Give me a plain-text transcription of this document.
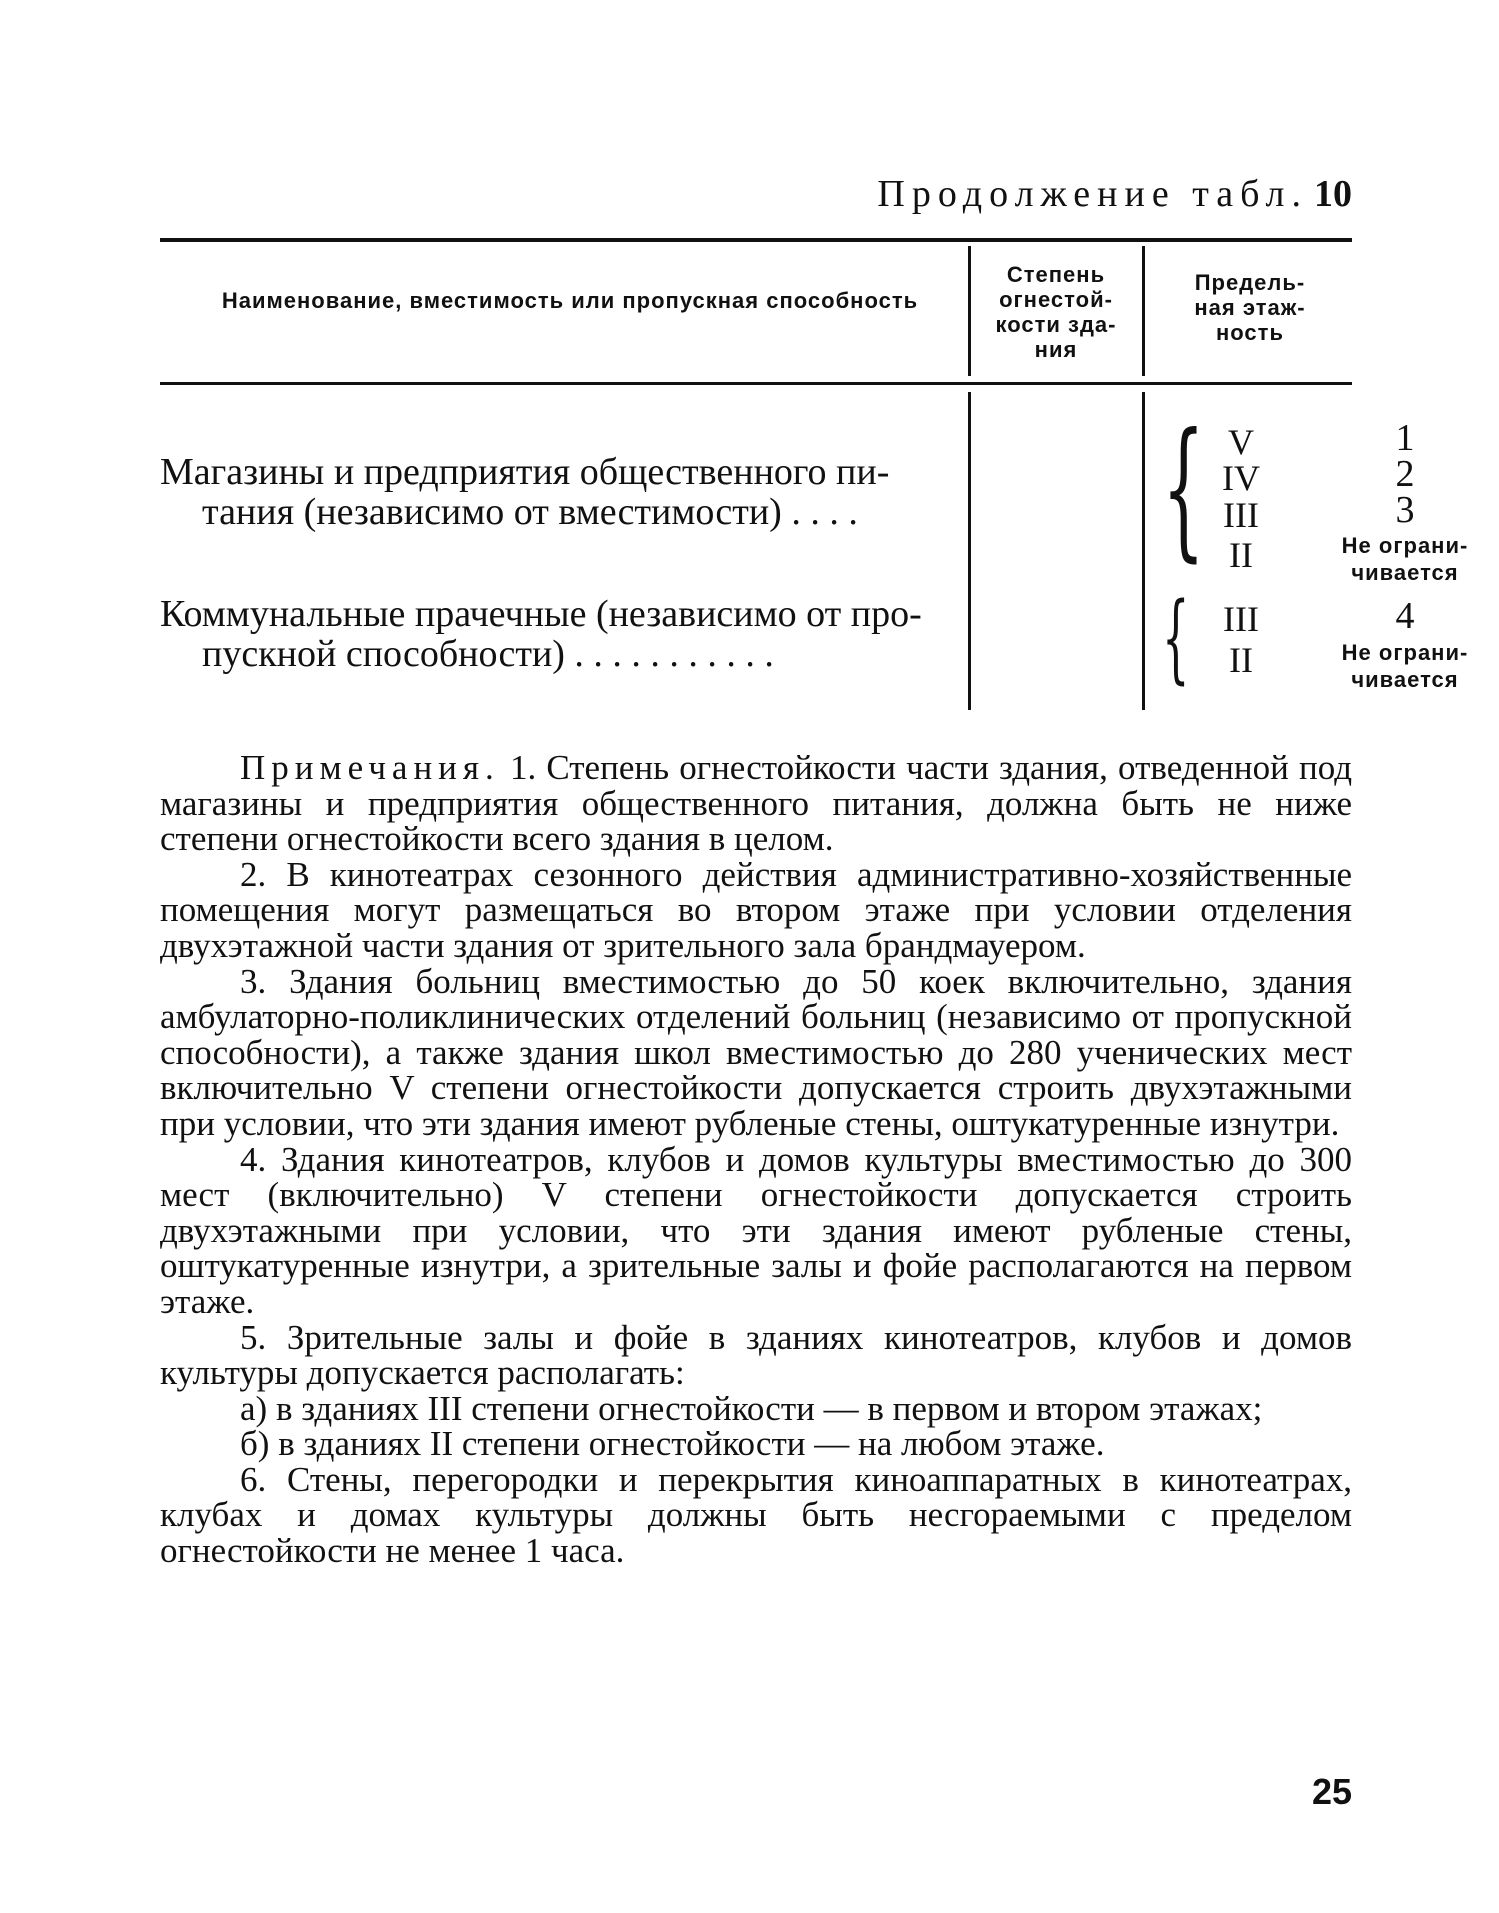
Продолжение табл. 10
Наименование, вместимость или пропускная способность
Степень
огнестой-
кости зда-
ния
Предель-
ная этаж-
ность
Магазины и предприятия общественного пи-
тания (независимо от вместимости) . . . .	{ V
IV
III
II
1
2
3
Не ограни-
чивается
Коммунальные прачечные (независимо от про-
пускной способности) . . . . . . . . . . .	{ III
II
4
Не ограни-
чивается

Примечания. 1. Степень огнестойкости части здания, отведенной под магазины и предприятия общественного питания, должна быть не ниже степени огнестойкости всего здания в целом.

2. В кинотеатрах сезонного действия административно-хозяйственные помещения могут размещаться во втором этаже при условии отделения двухэтажной части здания от зрительного зала брандмауером.

3. Здания больниц вместимостью до 50 коек включительно, здания амбулаторно-поликлинических отделений больниц (независимо от пропускной способности), а также здания школ вместимостью до 280 ученических мест включительно V степени огнестойкости допускается строить двухэтажными при условии, что эти здания имеют рубленые стены, оштукатуренные изнутри.

4. Здания кинотеатров, клубов и домов культуры вместимостью до 300 мест (включительно) V степени огнестойкости допускается строить двухэтажными при условии, что эти здания имеют рубленые стены, оштукатуренные изнутри, а зрительные залы и фойе располагаются на первом этаже.

5. Зрительные залы и фойе в зданиях кинотеатров, клубов и домов культуры допускается располагать:

а) в зданиях III степени огнестойкости — в первом и втором этажах;

б) в зданиях II степени огнестойкости — на любом этаже.

6. Стены, перегородки и перекрытия киноаппаратных в кинотеатрах, клубах и домах культуры должны быть несгораемыми с пределом огнестойкости не менее 1 часа.

25
